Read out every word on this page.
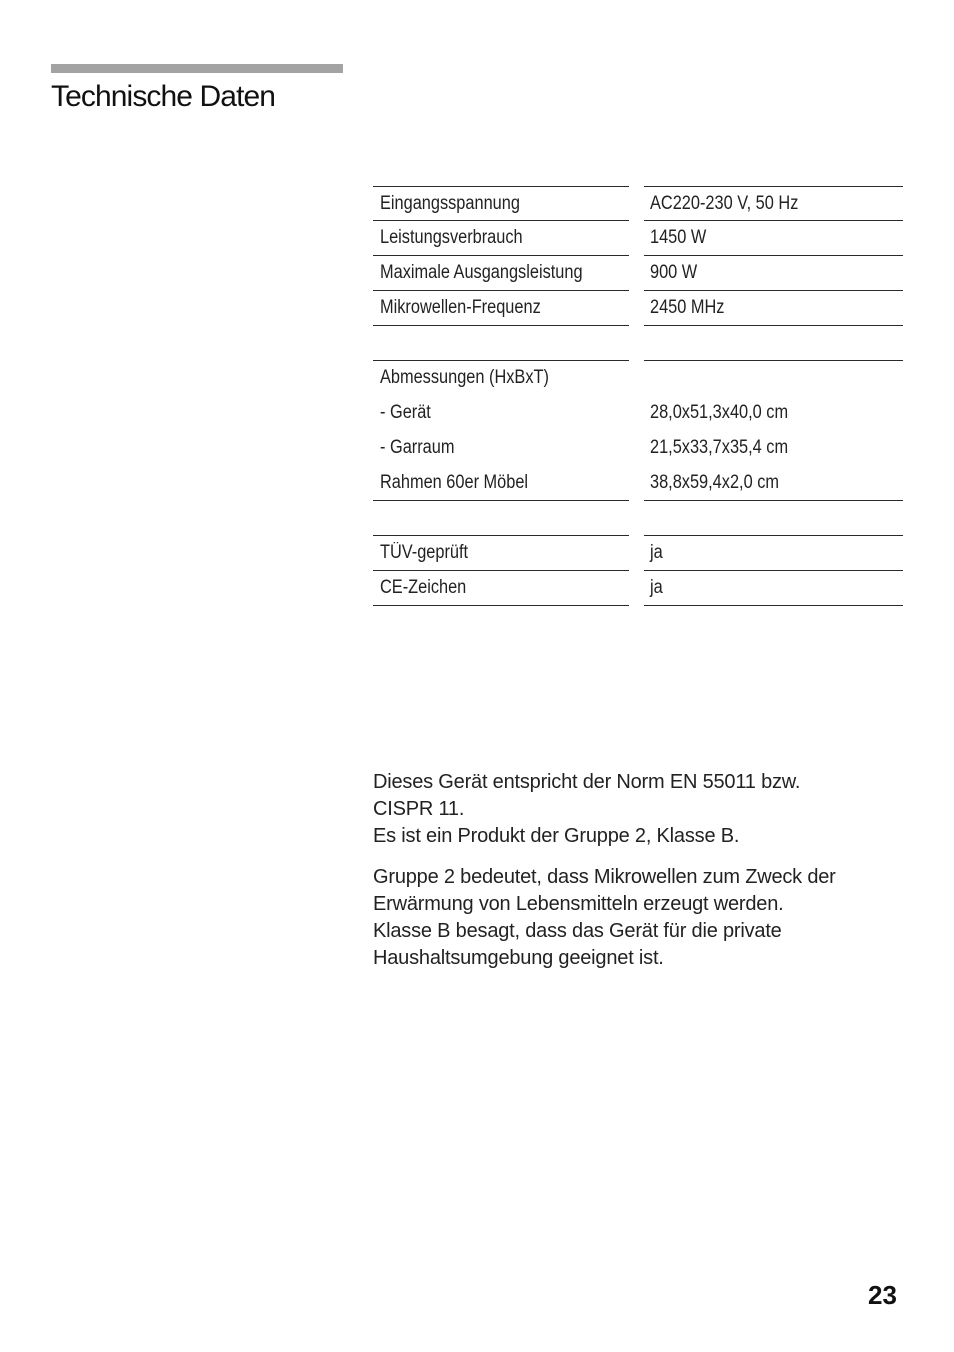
Technische Daten
Eingangsspannung	AC220-230 V, 50 Hz
Leistungsverbrauch	1450 W
Maximale Ausgangsleistung	900 W
Mikrowellen-Frequenz	2450 MHz
Abmessungen (HxBxT)
- Gerät	28,0x51,3x40,0 cm
- Garraum	21,5x33,7x35,4 cm
Rahmen 60er Möbel	38,8x59,4x2,0 cm
TÜV-geprüft	ja
CE-Zeichen	ja

Dieses Gerät entspricht der Norm EN 55011 bzw.

CISPR 11.

Es ist ein Produkt der Gruppe 2, Klasse B.

Gruppe 2 bedeutet, dass Mikrowellen zum Zweck der

Erwärmung von Lebensmitteln erzeugt werden.

Klasse B besagt, dass das Gerät für die private

Haushaltsumgebung geeignet ist.

23
